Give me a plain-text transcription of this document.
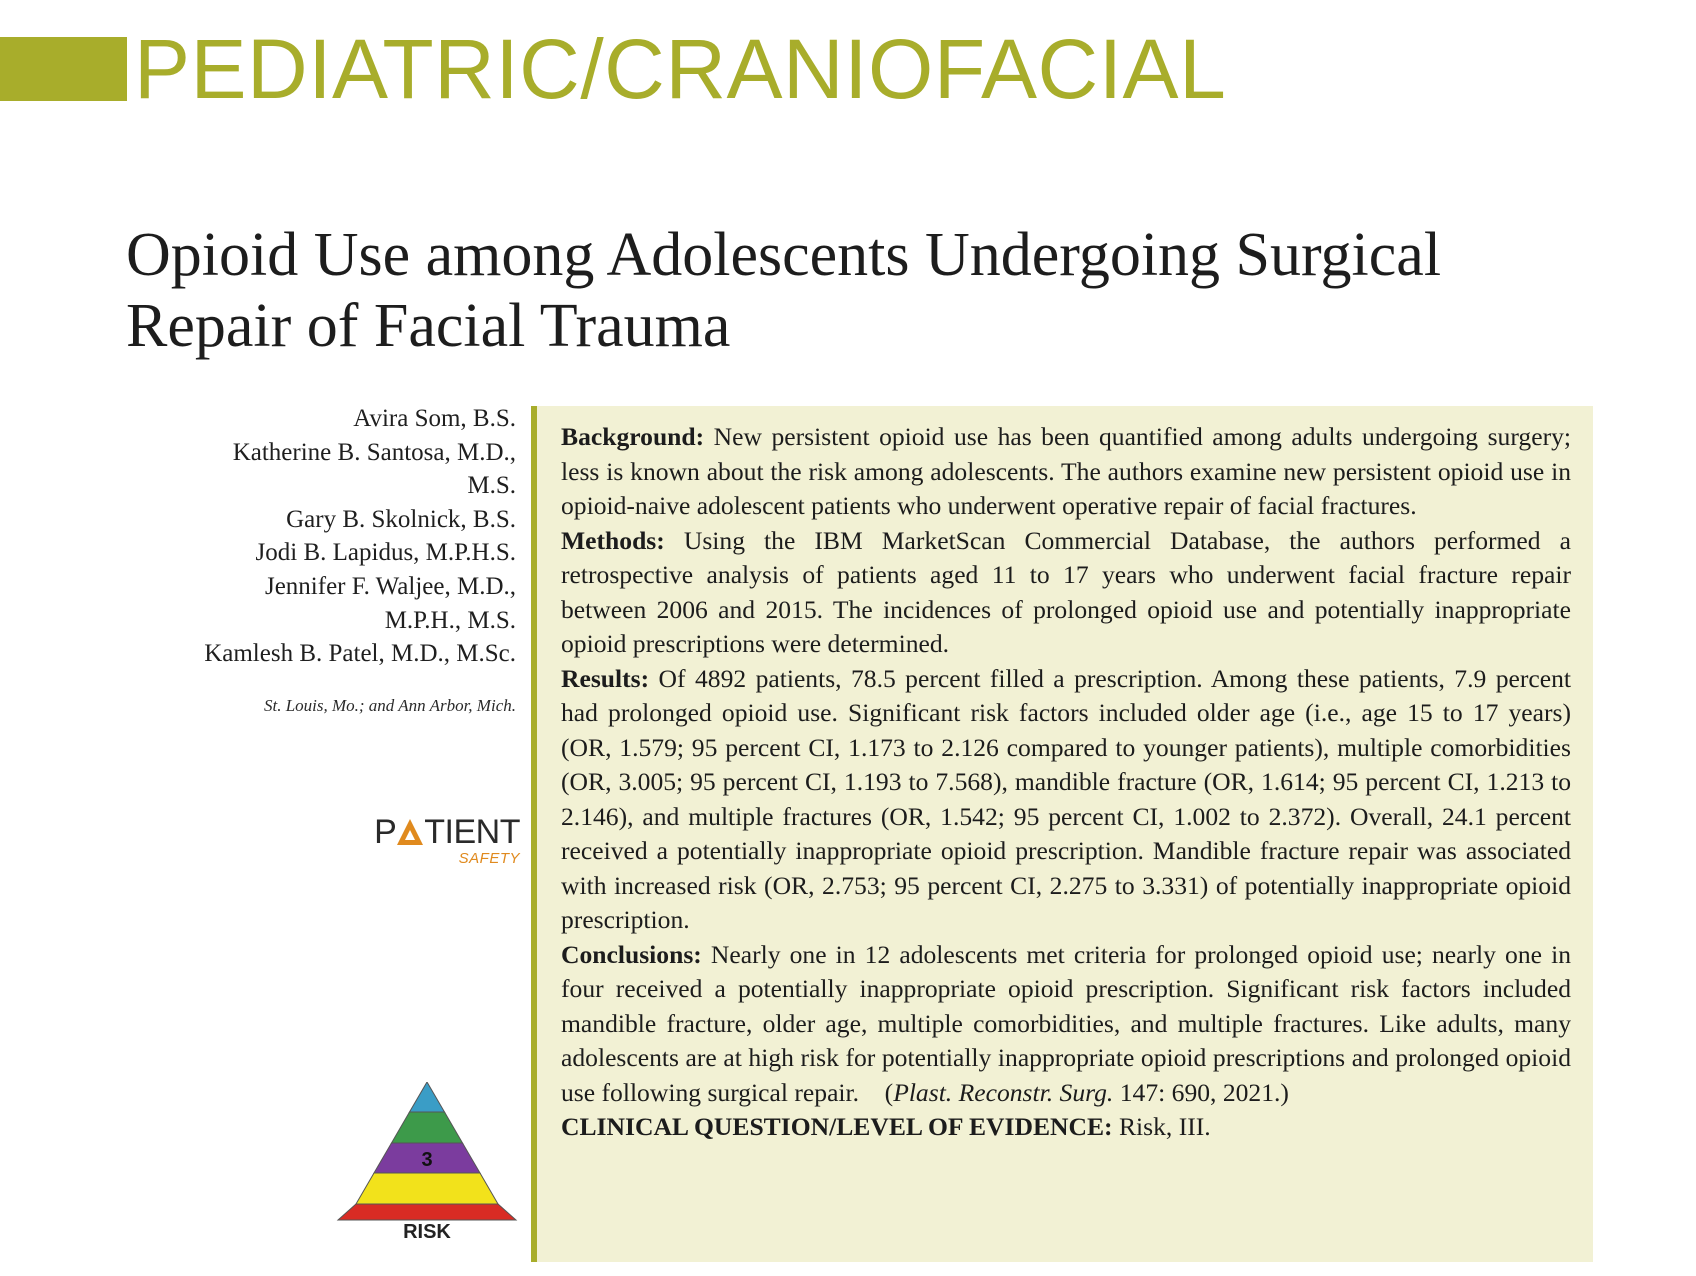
PEDIATRIC/CRANIOFACIAL
Opioid Use among Adolescents Undergoing Surgical Repair of Facial Trauma
Avira Som, B.S.
Katherine B. Santosa, M.D.,
M.S.
Gary B. Skolnick, B.S.
Jodi B. Lapidus, M.P.H.S.
Jennifer F. Waljee, M.D.,
M.P.H., M.S.
Kamlesh B. Patel, M.D., M.Sc.
St. Louis, Mo.; and Ann Arbor, Mich.
P TIENT
SAFETY
3
RISK

Background: New persistent opioid use has been quantified among adults undergoing surgery; less is known about the risk among adolescents. The authors examine new persistent opioid use in opioid-naive adolescent patients who underwent operative repair of facial fractures.

Methods: Using the IBM MarketScan Commercial Database, the authors performed a retrospective analysis of patients aged 11 to 17 years who underwent facial fracture repair between 2006 and 2015. The incidences of prolonged opioid use and potentially inappropriate opioid prescriptions were determined.

Results: Of 4892 patients, 78.5 percent filled a prescription. Among these patients, 7.9 percent had prolonged opioid use. Significant risk factors included older age (i.e., age 15 to 17 years) (OR, 1.579; 95 percent CI, 1.173 to 2.126 compared to younger patients), multiple comorbidities (OR, 3.005; 95 percent CI, 1.193 to 7.568), mandible fracture (OR, 1.614; 95 percent CI, 1.213 to 2.146), and multiple fractures (OR, 1.542; 95 percent CI, 1.002 to 2.372). Overall, 24.1 percent received a potentially inappropriate opioid prescription. Mandible fracture repair was associated with increased risk (OR, 2.753; 95 percent CI, 2.275 to 3.331) of potentially inappropriate opioid prescription.

Conclusions: Nearly one in 12 adolescents met criteria for prolonged opioid use; nearly one in four received a potentially inappropriate opioid prescription. Significant risk factors included mandible fracture, older age, multiple comorbidities, and multiple fractures. Like adults, many adolescents are at high risk for potentially inappropriate opioid prescriptions and prolonged opioid use following surgical repair.    (Plast. Reconstr. Surg. 147: 690, 2021.)

CLINICAL QUESTION/LEVEL OF EVIDENCE: Risk, III.
